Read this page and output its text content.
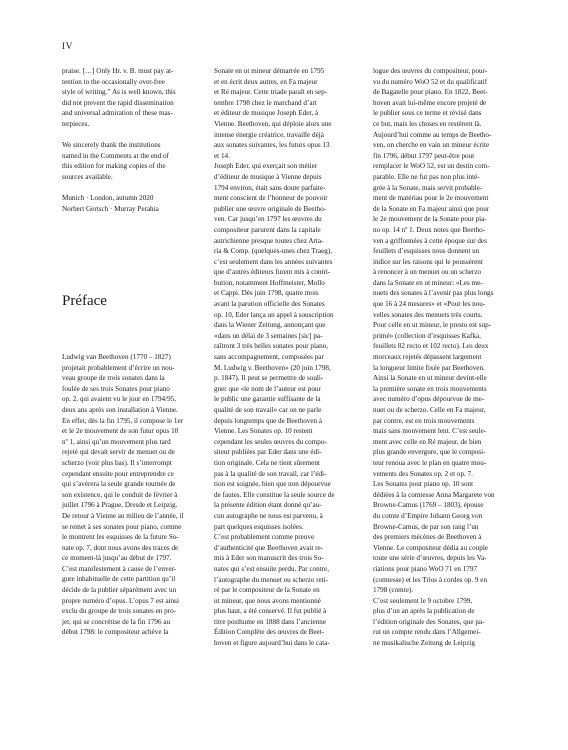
IV
praise. […] Only Hr. v. B. must pay at-
tention to the occasionally over-free
style of writing.” As is well known, this
did not prevent the rapid dissemination
and universal admiration of these mas-
terpieces.
We sincerely thank the institutions
named in the Comments at the end of
this edition for making copies of the
sources available.
Munich · London, autumn 2020
Norbert Gertsch · Murray Perahia
Préface
Ludwig van Beethoven (1770 – 1827)
projetait probablement d’écrire un nou-
veau groupe de trois sonates dans la
foulée de ses trois Sonates pour piano
op. 2, qui avaient vu le jour en 1794/95,
deux ans après son installation à Vienne.
En effet, dès la fin 1795, il compose le 1er
et le 2e mouvement de son futur opus 10
nº 1, ainsi qu’un mouvement plus tard
rejeté qui devait servir de menuet ou de
scherzo (voir plus bas). Il s’interrompt
cependant ensuite pour entreprendre ce
qui s’avérera la seule grande tournée de
son existence, qui le conduit de février à
juillet 1796 à Prague, Dresde et Leipzig.
De retour à Vienne au milieu de l’année, il
se remet à ses sonates pour piano, comme
le montrent les esquisses de la future So-
nate op. 7, dont nous avons des traces de
ce moment-là jusqu’au début de 1797.
C’est manifestement à cause de l’enver-
gure inhabituelle de cette partition qu’il
décide de la publier séparément avec un
propre numéro d’opus. L’opus 7 est ainsi
exclu du groupe de trois sonates en pro-
jet, qui se concrétise de la fin 1796 au
début 1798: le compositeur achève la
Sonate en ut mineur démarrée en 1795
et en écrit deux autres, en Fa majeur
et Ré majeur. Cette triade paraît en sep-
tembre 1798 chez le marchand d’art
et éditeur de musique Joseph Eder, à
Vienne. Beethoven, qui déploie alors une
intense énergie créatrice, travaille déjà
aux sonates suivantes, les futurs opus 13
et 14.
Joseph Eder, qui exerçait son métier
d’éditeur de musique à Vienne depuis
1794 environ, était sans doute parfaite-
ment conscient de l’honneur de pouvoir
publier une œuvre originale de Beetho-
ven. Car jusqu’en 1797 les œuvres du
compositeur parurent dans la capitale
autrichienne presque toutes chez Arta-
ria & Comp. (quelques-unes chez Traeg),
c’est seulement dans les années suivantes
que d’autres éditeurs furent mis à contri-
bution, notamment Hoffmeister, Mollo
et Cappi. Dès juin 1798, quatre mois
avant la parution officielle des Sonates
op. 10, Eder lança un appel à souscription
dans la Wiener Zeitung, annonçant que
«dans un délai de 3 semaines [sic] pa-
raîtront 3 très belles sonates pour piano,
sans accompagnement, composées par
M. Ludwig v. Beethoven» (20 juin 1798,
p. 1847). Il peut se permettre de souli-
gner que «le nom de l’auteur est pour
le public une garantie suffisante de la
qualité de son travail» car on ne parle
depuis longtemps que de Beethoven à
Vienne. Les Sonates op. 10 restent
cependant les seules œuvres du compo-
siteur publiées par Eder dans une édi-
tion originale. Cela ne tient sûrement
pas à la qualité de son travail, car l’édi-
tion est soignée, bien que non dépourvue
de fautes. Elle constitue la seule source de
la présente édition étant donné qu’au-
cun autographe ne nous est parvenu, à
part quelques esquisses isolées.
C’est probablement comme preuve
d’authenticité que Beethoven avait re-
mis à Eder son manuscrit des trois So-
nates qui s’est ensuite perdu. Par contre,
l’autographe du menuet ou scherzo reti-
ré par le compositeur de la Sonate en
ut mineur, que nous avons mentionné
plus haut, a été conservé. Il fut publié à
titre posthume en 1888 dans l’ancienne
Édition Complète des œuvres de Beet-
hoven et figure aujourd’hui dans le cata-
logue des œuvres du compositeur, pour-
vu du numéro WoO 52 et du qualificatif
de Bagatelle pour piano. En 1822, Beet-
hoven avait lui-même encore projeté de
le publier sous ce terme et révisé dans
ce but, mais les choses en restèrent là.
Aujourd’hui comme au temps de Beetho-
ven, on cherche en vain un mineur écrite
fin 1796, début 1797 peut-être pour
remplacer le WoO 52, est un destin com-
parable. Elle ne fut pas non plus inté-
grée à la Sonate, mais servit probable-
ment de matériau pour le 2e mouvement
de la Sonate en Fa majeur ainsi que pour
le 2e mouvement de la Sonate pour pia-
no op. 14 nº 1. Deux notes que Beetho-
ven a griffonnées à cette époque sur des
feuillets d’esquisses nous donnent un
indice sur les raisons qui le poussèrent
à renoncer à un menuet ou un scherzo
dans la Sonate en ut mineur: «Les me-
nuets des sonates à l’avenir pas plus longs
que 16 à 24 mesures» et «Pour les nou-
velles sonates des menuets très courts.
Pour celle en ut mineur, le presto est sup-
primé» (collection d’esquisses Kafka,
feuillets 82 recto et 102 recto). Les deux
morceaux rejetés dépassent largement
la longueur limite fixée par Beethoven.
Ainsi la Sonate en ut mineur devint-elle
la première sonate en trois mouvements
avec numéro d’opus dépourvue de me-
nuet ou de scherzo. Celle en Fa majeur,
par contre, est en trois mouvements
mais sans mouvement lent. C’est seule-
ment avec celle en Ré majeur, de bien
plus grande envergure, que le composi-
teur renoua avec le plan en quatre mou-
vements des Sonates op. 2 et op. 7.
Les Sonates pour piano op. 10 sont
dédiées à la comtesse Anna Margarete von
Browne-Camus (1769 – 1803), épouse
du comte d’Empire Johann Georg von
Browne-Camus, de par son rang l’un
des premiers mécènes de Beethoven à
Vienne. Le compositeur dédia au couple
toute une série d’œuvres, depuis les Va-
riations pour piano WoO 71 en 1797
(comtesse) et les Trios à cordes op. 9 en
1798 (comte).
C’est seulement le 9 octobre 1799,
plus d’un an après la publication de
l’édition originale des Sonates, que pa-
rut un compte rendu dans l’Allgemei-
ne musikalische Zeitung de Leipzig
